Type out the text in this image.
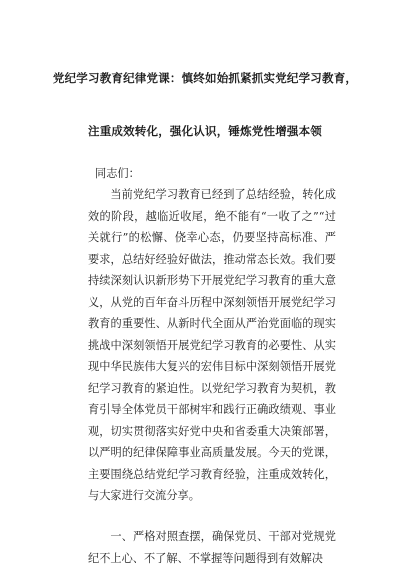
党纪学习教育纪律党课：慎终如始抓紧抓实党纪学习教育，
注重成效转化，强化认识，锤炼党性增强本领
同志们：

当前党纪学习教育已经到了总结经验，转化成效的阶段，越临近收尾，绝不能有“一收了之”“过关就行”的松懈、侥幸心态，仍要坚持高标准、严要求，总结好经验好做法，推动常态长效。我们要持续深刻认识新形势下开展党纪学习教育的重大意义，从党的百年奋斗历程中深刻领悟开展党纪学习教育的重要性、从新时代全面从严治党面临的现实挑战中深刻领悟开展党纪学习教育的必要性、从实现中华民族伟大复兴的宏伟目标中深刻领悟开展党纪学习教育的紧迫性。以党纪学习教育为契机，教育引导全体党员干部树牢和践行正确政绩观、事业观，切实贯彻落实好党中央和省委重大决策部署，以严明的纪律保障事业高质量发展。今天的党课，主要围绕总结党纪学习教育经验，注重成效转化，与大家进行交流分享。

一、严格对照查摆，确保党员、干部对党规党纪不上心、不了解、不掌握等问题得到有效解决
